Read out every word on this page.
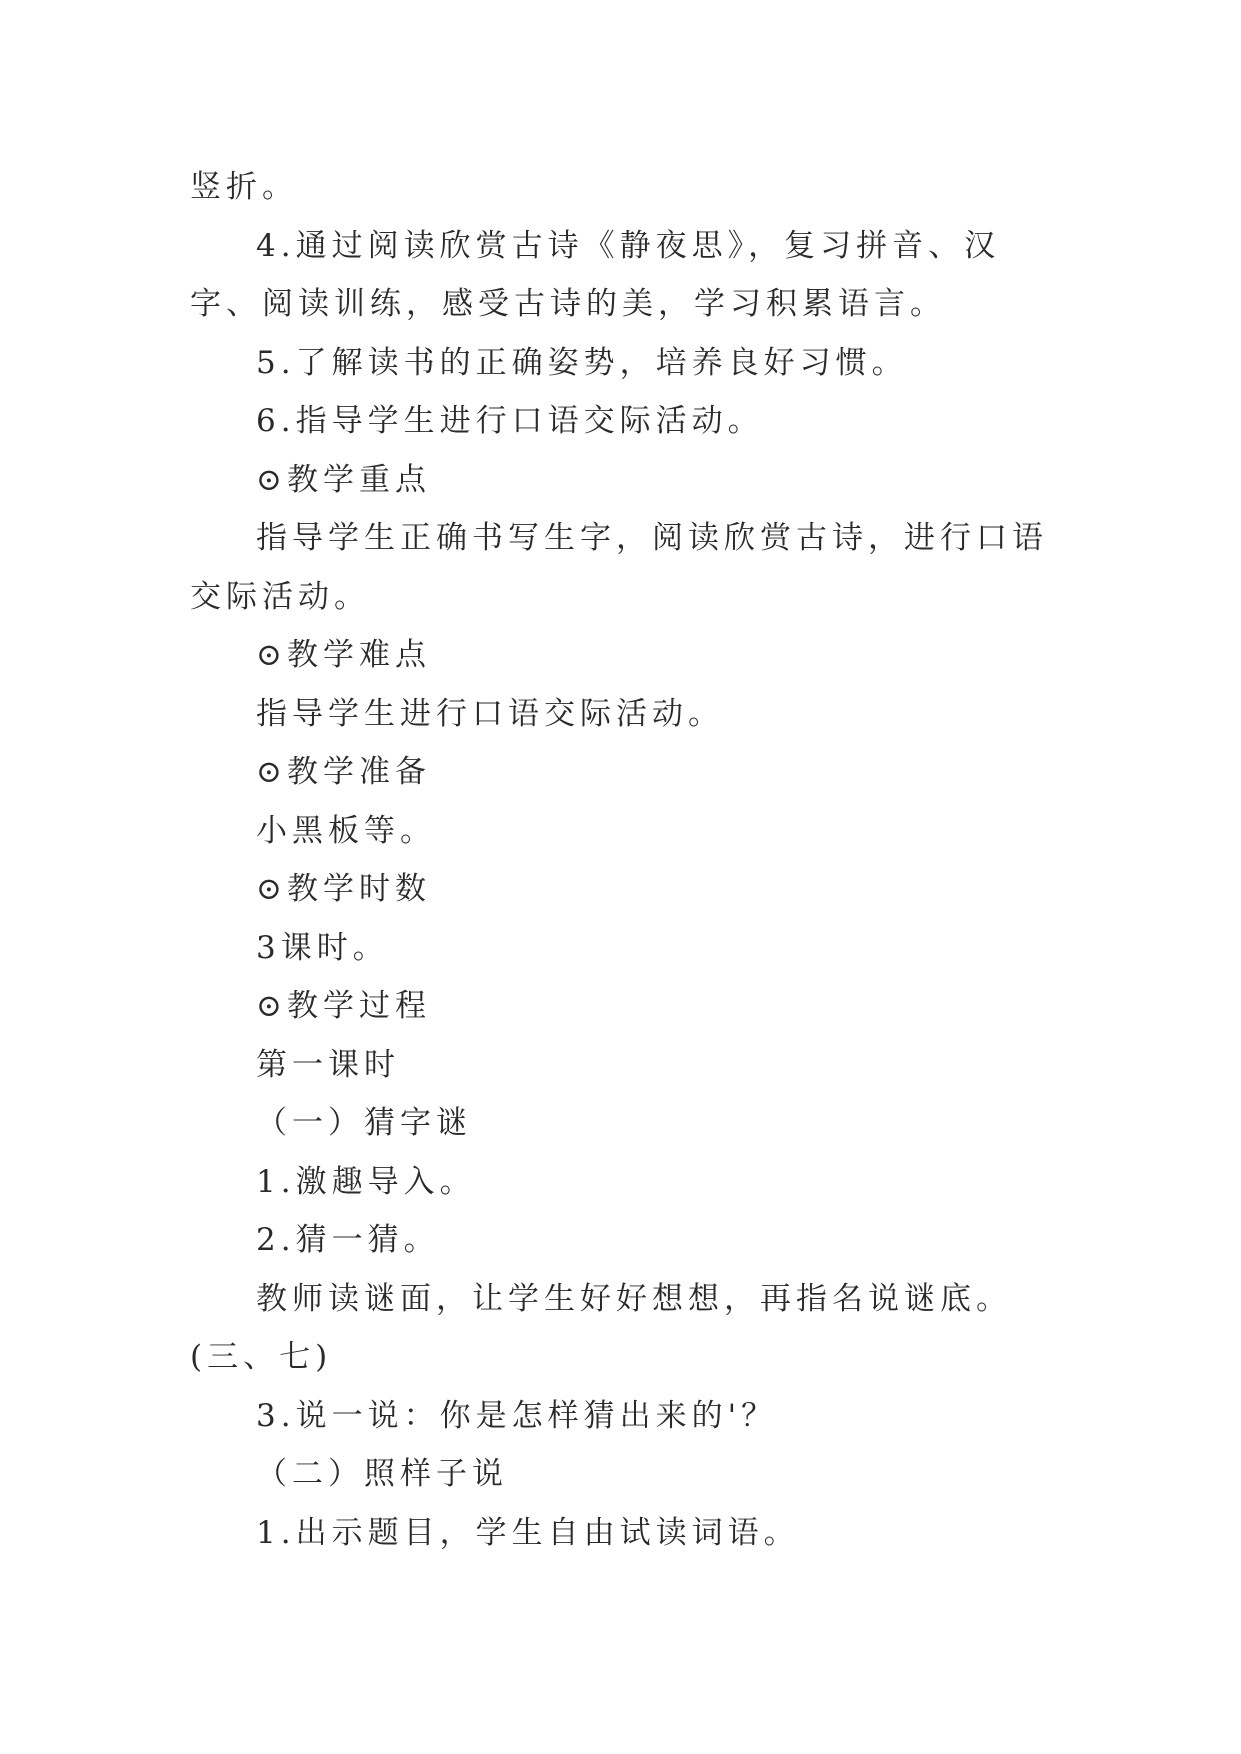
竖折。

4.通过阅读欣赏古诗《静夜思》，复习拼音、汉字、阅读训练，感受古诗的美，学习积累语言。

5.了解读书的正确姿势，培养良好习惯。

6.指导学生进行口语交际活动。

⊙教学重点

指导学生正确书写生字，阅读欣赏古诗，进行口语交际活动。

⊙教学难点

指导学生进行口语交际活动。

⊙教学准备

小黑板等。

⊙教学时数

3课时。

⊙教学过程

第一课时

（一）猜字谜

1.激趣导入。

2.猜一猜。

教师读谜面，让学生好好想想，再指名说谜底。(三、七)

3.说一说：你是怎样猜出来的'？

（二）照样子说

1.出示题目，学生自由试读词语。
